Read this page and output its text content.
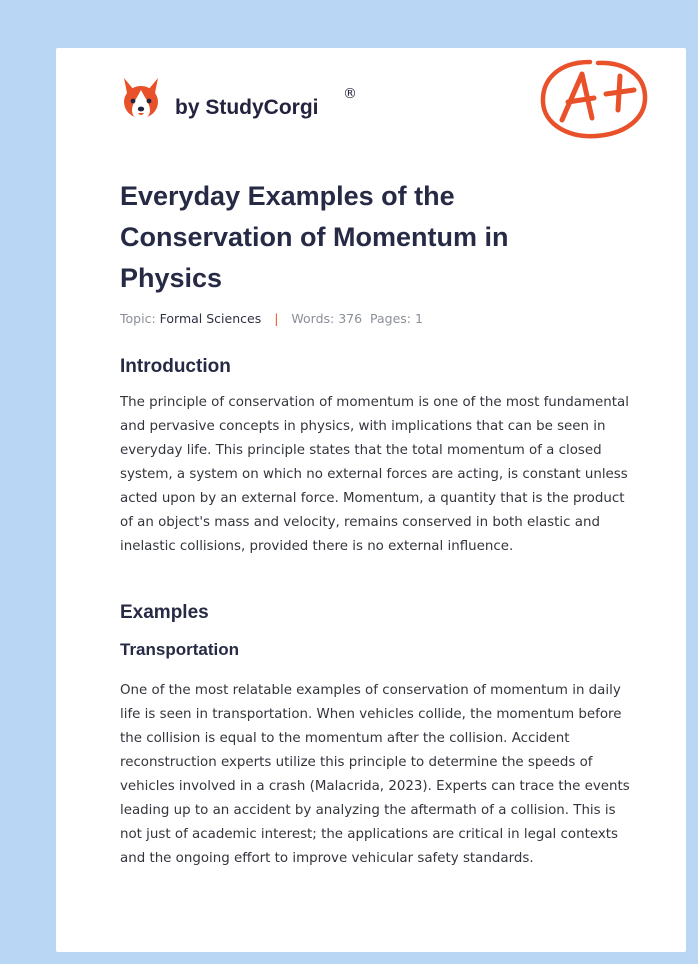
by StudyCorgi
®
Everyday Examples of the Conservation of Momentum in Physics
Topic: Formal Sciences | Words: 376 Pages: 1
Introduction

The principle of conservation of momentum is one of the most fundamental and pervasive concepts in physics, with implications that can be seen in everyday life. This principle states that the total momentum of a closed system, a system on which no external forces are acting, is constant unless acted upon by an external force. Momentum, a quantity that is the product of an object's mass and velocity, remains conserved in both elastic and inelastic collisions, provided there is no external influence.

Examples
Transportation

One of the most relatable examples of conservation of momentum in daily life is seen in transportation. When vehicles collide, the momentum before the collision is equal to the momentum after the collision. Accident reconstruction experts utilize this principle to determine the speeds of vehicles involved in a crash (Malacrida, 2023). Experts can trace the events leading up to an accident by analyzing the aftermath of a collision. This is not just of academic interest; the applications are critical in legal contexts and the ongoing effort to improve vehicular safety standards.
